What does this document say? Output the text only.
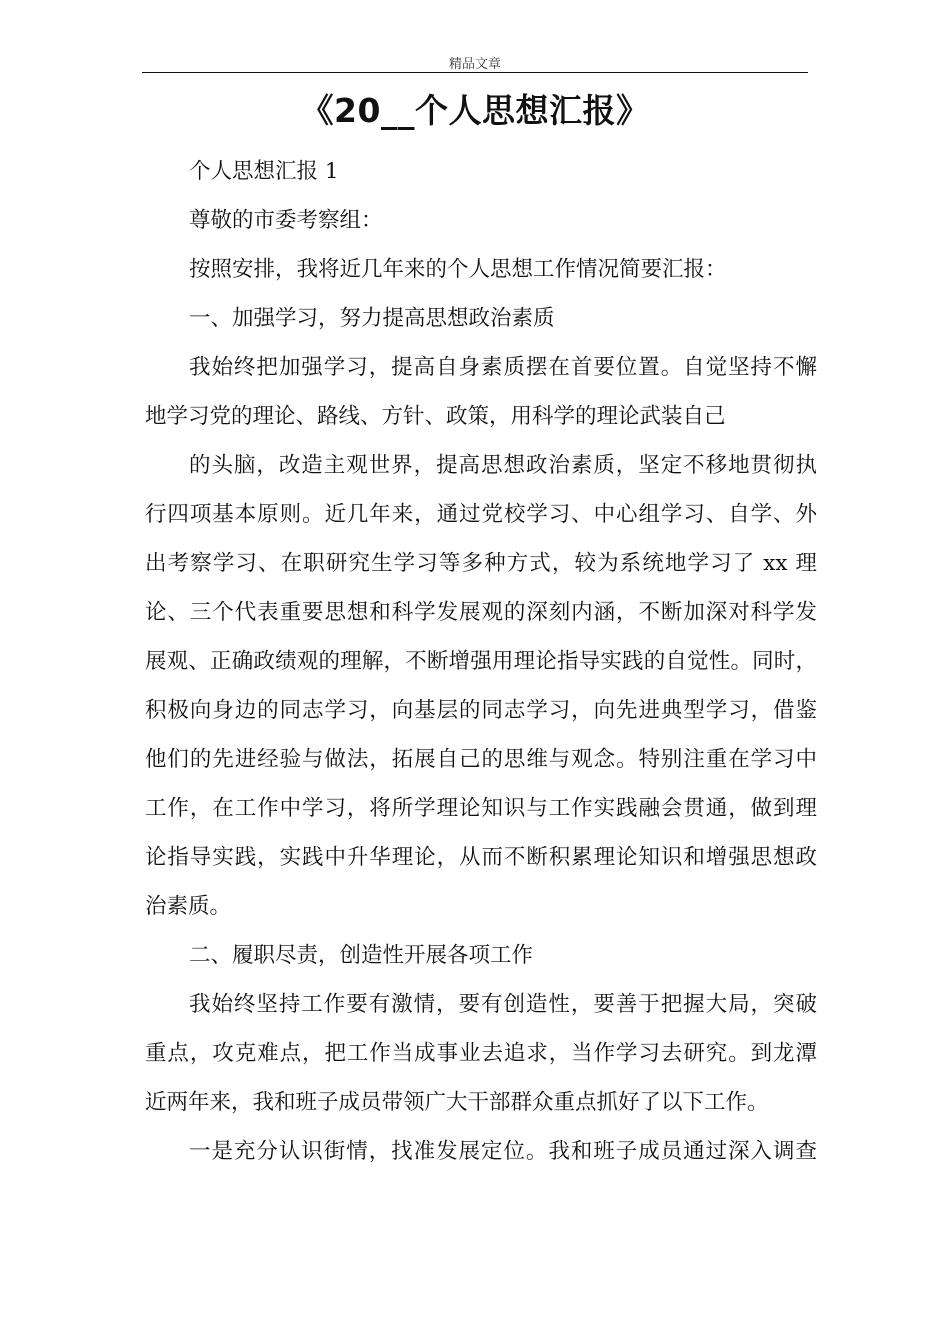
精品文章
《20__个人思想汇报》
个人思想汇报 1
尊敬的市委考察组：
按照安排，我将近几年来的个人思想工作情况简要汇报：
一、加强学习，努力提高思想政治素质
我始终把加强学习，提高自身素质摆在首要位置。自觉坚持不懈
地学习党的理论、路线、方针、政策，用科学的理论武装自己
的头脑，改造主观世界，提高思想政治素质，坚定不移地贯彻执
行四项基本原则。近几年来，通过党校学习、中心组学习、自学、外
出考察学习、在职研究生学习等多种方式，较为系统地学习了 xx 理
论、三个代表重要思想和科学发展观的深刻内涵，不断加深对科学发
展观、正确政绩观的理解，不断增强用理论指导实践的自觉性。同时，
积极向身边的同志学习，向基层的同志学习，向先进典型学习，借鉴
他们的先进经验与做法，拓展自己的思维与观念。特别注重在学习中
工作，在工作中学习，将所学理论知识与工作实践融会贯通，做到理
论指导实践，实践中升华理论，从而不断积累理论知识和增强思想政
治素质。
二、履职尽责，创造性开展各项工作
我始终坚持工作要有激情，要有创造性，要善于把握大局，突破
重点，攻克难点，把工作当成事业去追求，当作学习去研究。到龙潭
近两年来，我和班子成员带领广大干部群众重点抓好了以下工作。
一是充分认识街情，找准发展定位。我和班子成员通过深入调查
